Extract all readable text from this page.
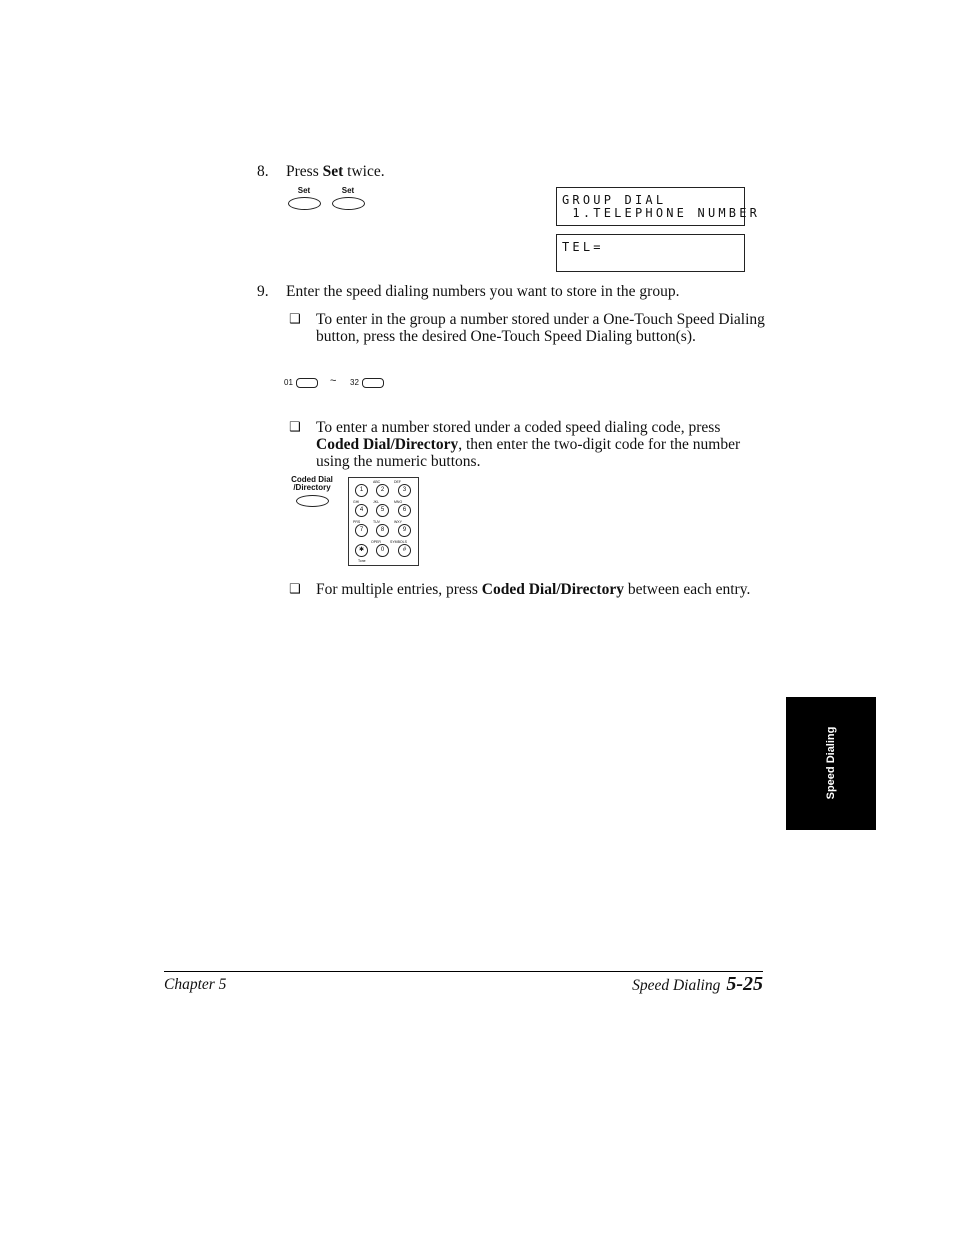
8. Press Set twice.
Set	Set
GROUP DIAL
1.TELEPHONE NUMBER
TEL=
9. Enter the speed dialing numbers you want to store in the group.
❑ To enter in the group a number stored under a One-Touch Speed Dialing button, press the desired One-Touch Speed Dialing button(s).
01	~ 32
❑ To enter a number stored under a coded speed dialing code, press Coded Dial/Directory, then enter the two-digit code for the number using the numeric buttons.
Coded Dial
/Directory
ABC	DEF
1	2	3
GHI	JKL	MNO
4	5	6
PRS	TUV	WXY
7	8	9
OPER	SYMBOLS
✱	0	#
Tone
❑ For multiple entries, press Coded Dial/Directory between each entry.
Speed Dialing
Chapter 5	Speed Dialing 5-25
